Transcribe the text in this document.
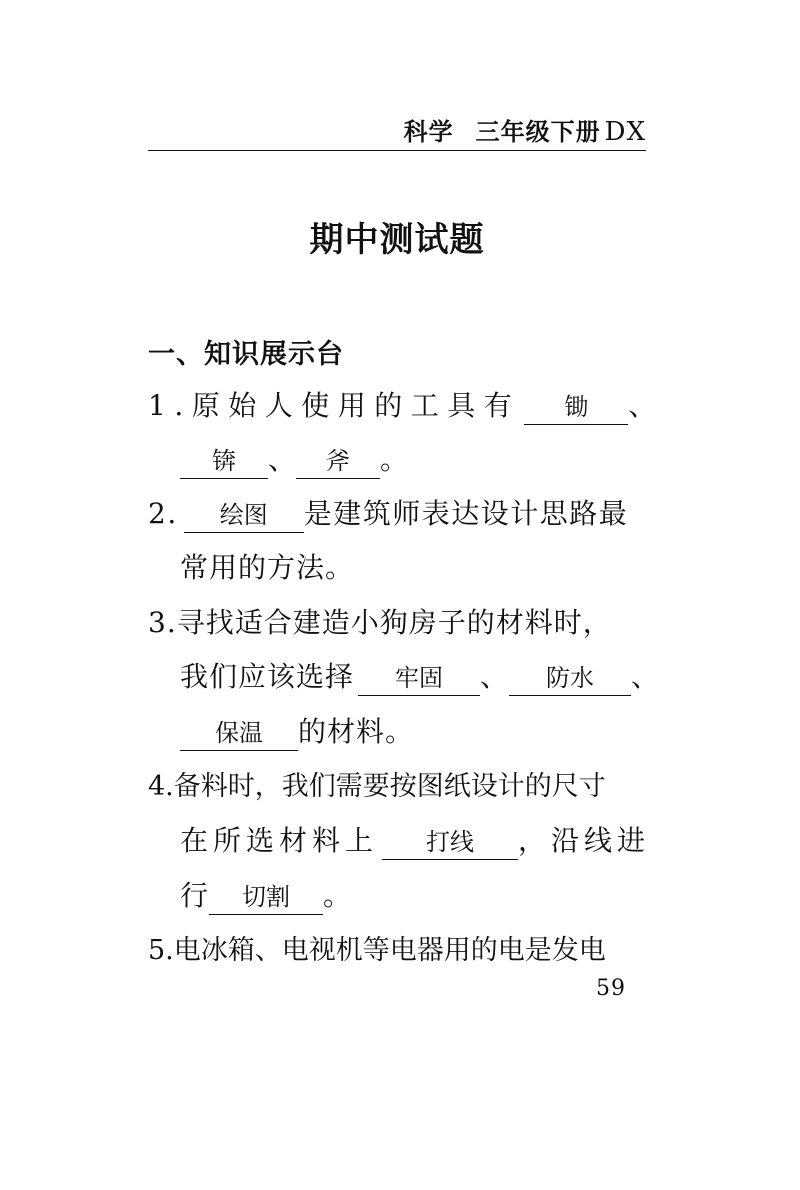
科学 三年级下册 DX
期中测试题
一、知识展示台
1.原始人使用的工具有 锄 、
锛 、 斧 。
2. 绘图 是建筑师表达设计思路最
常用的方法。
3.寻找适合建造小狗房子的材料时，
我们应该选择 牢固 、 防水 、
保温 的材料。
4.备料时，我们需要按图纸设计的尺寸
在所选材料上 打线 ，沿线进
行 切割 。
5.电冰箱、电视机等电器用的电是发电
59
